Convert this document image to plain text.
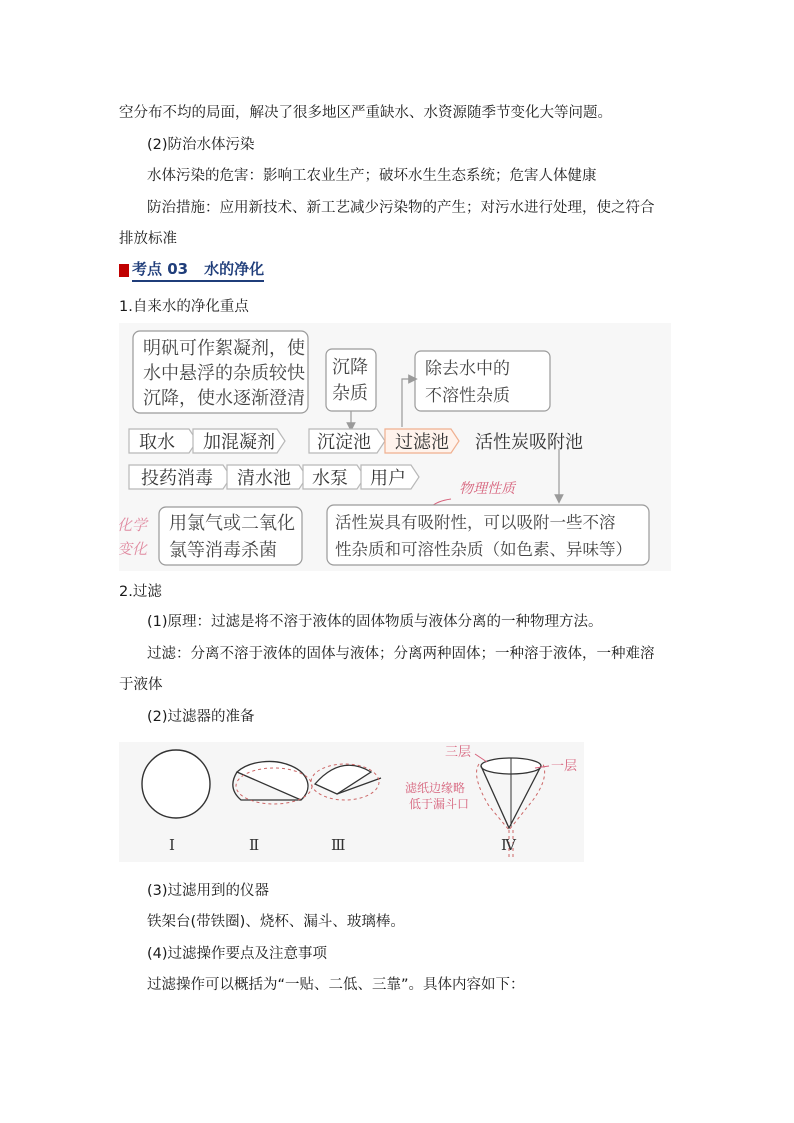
空分布不均的局面，解决了很多地区严重缺水、水资源随季节变化大等问题。
(2)防治水体污染
水体污染的危害：影响工农业生产；破坏水生生态系统；危害人体健康
防治措施：应用新技术、新工艺减少污染物的产生；对污水进行处理，使之符合
排放标准
考点 03 水的净化
1.自来水的净化重点
明矾可作絮凝剂，使
水中悬浮的杂质较快
沉降，使水逐渐澄清
沉降
杂质
除去水中的
不溶性杂质
取水 加混凝剂 沉淀池 过滤池 活性炭吸附池
投药消毒 清水池 水泵 用户	物理性质
化学
变化
用氯气或二氧化
氯等消毒杀菌
活性炭具有吸附性，可以吸附一些不溶
性杂质和可溶性杂质（如色素、异味等）
2.过滤
(1)原理：过滤是将不溶于液体的固体物质与液体分离的一种物理方法。
过滤：分离不溶于液体的固体与液体；分离两种固体；一种溶于液体，一种难溶
于液体
(2)过滤器的准备
三层
一层
滤纸边缘略
低于漏斗口
Ⅰ	Ⅱ	Ⅲ	Ⅳ
(3)过滤用到的仪器
铁架台(带铁圈)、烧杯、漏斗、玻璃棒。
(4)过滤操作要点及注意事项
过滤操作可以概括为“一贴、二低、三靠”。具体内容如下：
